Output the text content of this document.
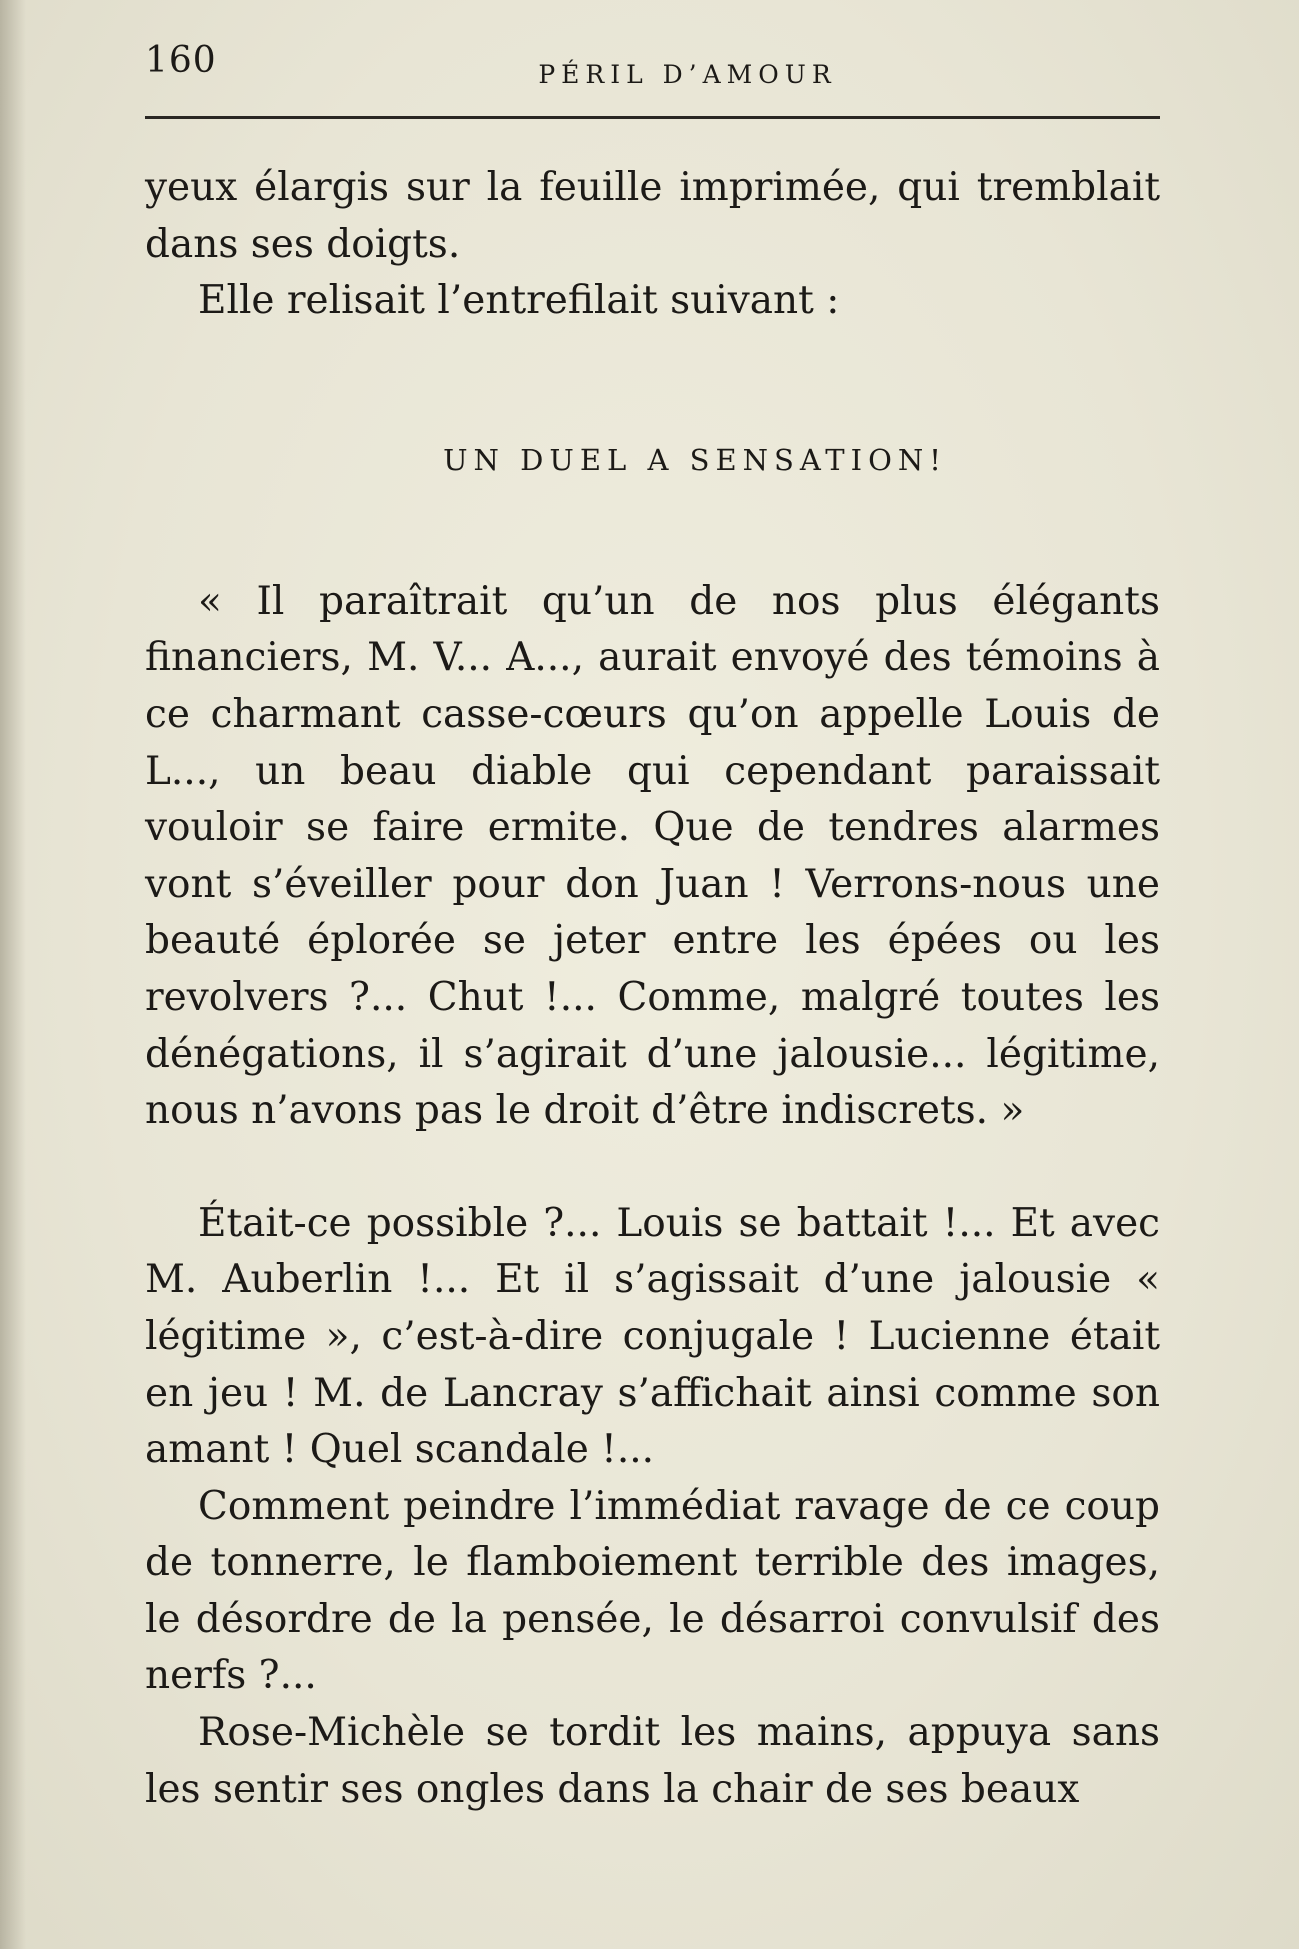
160	PÉRIL D’AMOUR

yeux élargis sur la feuille imprimée, qui tremblait dans ses doigts.

Elle relisait l’entrefilait suivant :

UN DUEL A SENSATION!

« Il paraîtrait qu’un de nos plus élégants financiers, M. V... A..., aurait envoyé des témoins à ce charmant casse-cœurs qu’on appelle Louis de L..., un beau diable qui cependant paraissait vouloir se faire ermite. Que de tendres alarmes vont s’éveiller pour don Juan ! Verrons-nous une beauté éplorée se jeter entre les épées ou les revolvers ?... Chut !... Comme, malgré toutes les dénégations, il s’agirait d’une jalousie... légitime, nous n’avons pas le droit d’être indiscrets. »

Était-ce possible ?... Louis se battait !... Et avec M. Auberlin !... Et il s’agissait d’une jalousie « légitime », c’est-à-dire conjugale ! Lucienne était en jeu ! M. de Lancray s’affichait ainsi comme son amant ! Quel scandale !...

Comment peindre l’immédiat ravage de ce coup de tonnerre, le flamboiement terrible des images, le désordre de la pensée, le désarroi convulsif des nerfs ?...

Rose-Michèle se tordit les mains, appuya sans les sentir ses ongles dans la chair de ses beaux
